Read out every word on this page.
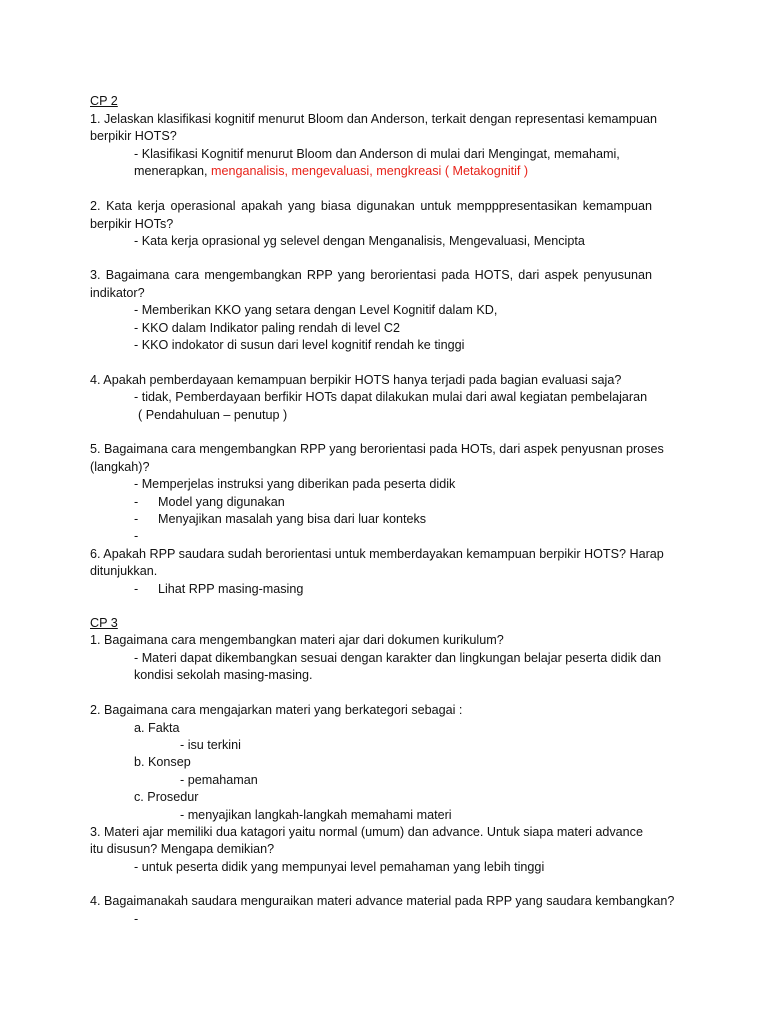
CP 2
1. Jelaskan klasifikasi kognitif menurut Bloom dan Anderson, terkait dengan representasi kemampuan
berpikir HOTS?
- Klasifikasi Kognitif menurut Bloom dan Anderson di mulai dari Mengingat, memahami,
menerapkan, menganalisis, mengevaluasi, mengkreasi ( Metakognitif )
2. Kata kerja operasional apakah yang biasa digunakan untuk mempppresentasikan kemampuan
berpikir HOTs?
- Kata kerja oprasional yg selevel dengan Menganalisis, Mengevaluasi, Mencipta
3. Bagaimana cara mengembangkan RPP yang berorientasi pada HOTS, dari aspek penyusunan
indikator?
- Memberikan KKO yang setara dengan Level Kognitif dalam KD,
- KKO dalam Indikator paling rendah di level C2
- KKO indokator di susun dari level kognitif rendah ke tinggi
4. Apakah pemberdayaan kemampuan berpikir HOTS hanya terjadi pada bagian evaluasi saja?
- tidak, Pemberdayaan berfikir HOTs dapat dilakukan mulai dari awal kegiatan pembelajaran
( Pendahuluan – penutup )
5. Bagaimana cara mengembangkan RPP yang berorientasi pada HOTs, dari aspek penyusnan proses
(langkah)?
- Memperjelas instruksi yang diberikan pada peserta didik
- Model yang digunakan
- Menyajikan masalah yang bisa dari luar konteks
-
6. Apakah RPP saudara sudah berorientasi untuk memberdayakan kemampuan berpikir HOTS? Harap
ditunjukkan.
- Lihat RPP masing-masing
CP 3
1. Bagaimana cara mengembangkan materi ajar dari dokumen kurikulum?
- Materi dapat dikembangkan sesuai dengan karakter dan lingkungan belajar peserta didik dan
kondisi sekolah masing-masing.
2. Bagaimana cara mengajarkan materi yang berkategori sebagai :
a. Fakta
- isu terkini
b. Konsep
- pemahaman
c. Prosedur
- menyajikan langkah-langkah memahami materi
3. Materi ajar memiliki dua katagori yaitu normal (umum) dan advance. Untuk siapa materi advance
itu disusun? Mengapa demikian?
- untuk peserta didik yang mempunyai level pemahaman yang lebih tinggi
4. Bagaimanakah saudara menguraikan materi advance material pada RPP yang saudara kembangkan?
-
